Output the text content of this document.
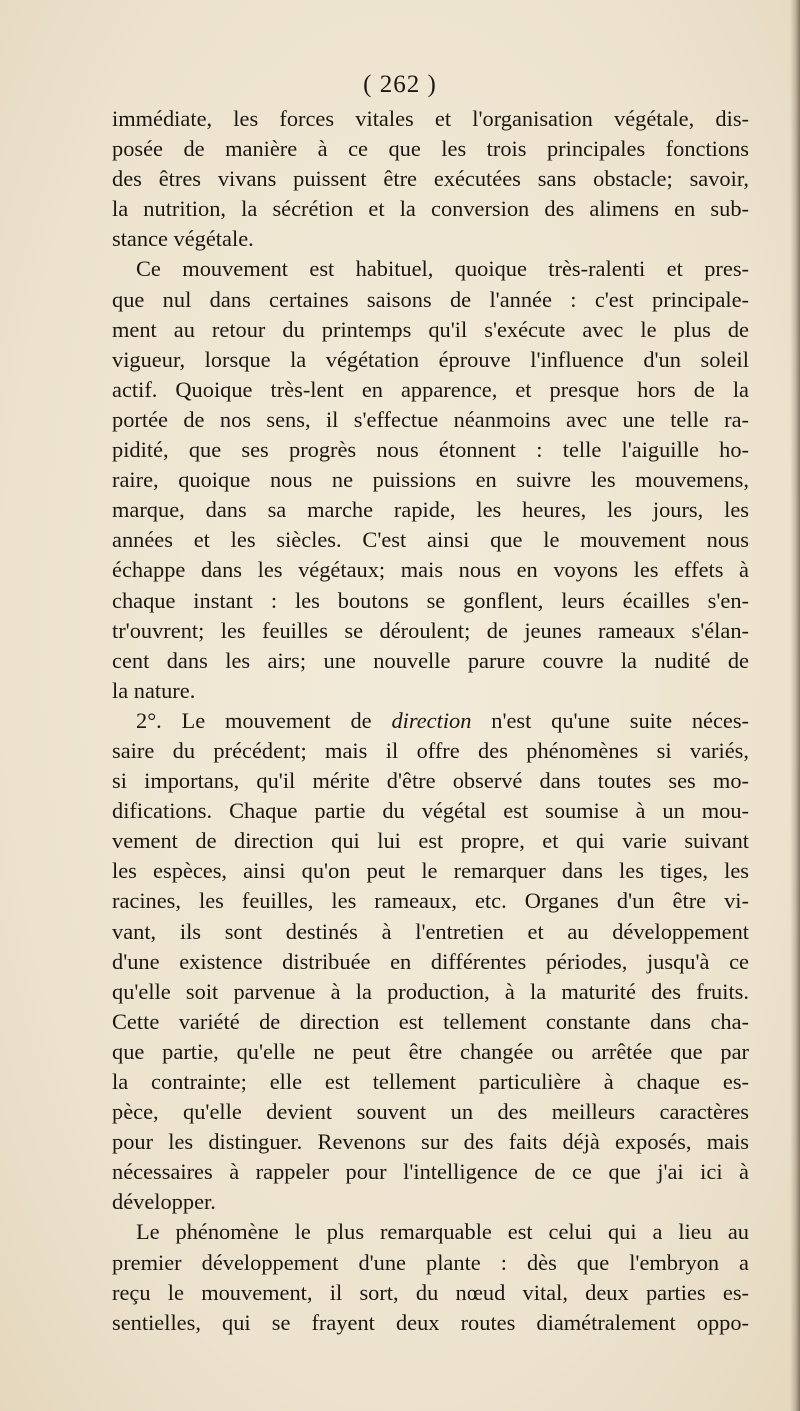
( 262 )
immédiate, les forces vitales et l'organisation végétale, dis-
posée de manière à ce que les trois principales fonctions
des êtres vivans puissent être exécutées sans obstacle; savoir,
la nutrition, la sécrétion et la conversion des alimens en sub-
stance végétale.
Ce mouvement est habituel, quoique très-ralenti et pres-
que nul dans certaines saisons de l'année : c'est principale-
ment au retour du printemps qu'il s'exécute avec le plus de
vigueur, lorsque la végétation éprouve l'influence d'un soleil
actif. Quoique très-lent en apparence, et presque hors de la
portée de nos sens, il s'effectue néanmoins avec une telle ra-
pidité, que ses progrès nous étonnent : telle l'aiguille ho-
raire, quoique nous ne puissions en suivre les mouvemens,
marque, dans sa marche rapide, les heures, les jours, les
années et les siècles. C'est ainsi que le mouvement nous
échappe dans les végétaux; mais nous en voyons les effets à
chaque instant : les boutons se gonflent, leurs écailles s'en-
tr'ouvrent; les feuilles se déroulent; de jeunes rameaux s'élan-
cent dans les airs; une nouvelle parure couvre la nudité de
la nature.
2°. Le mouvement de direction n'est qu'une suite néces-
saire du précédent; mais il offre des phénomènes si variés,
si importans, qu'il mérite d'être observé dans toutes ses mo-
difications. Chaque partie du végétal est soumise à un mou-
vement de direction qui lui est propre, et qui varie suivant
les espèces, ainsi qu'on peut le remarquer dans les tiges, les
racines, les feuilles, les rameaux, etc. Organes d'un être vi-
vant, ils sont destinés à l'entretien et au développement
d'une existence distribuée en différentes périodes, jusqu'à ce
qu'elle soit parvenue à la production, à la maturité des fruits.
Cette variété de direction est tellement constante dans cha-
que partie, qu'elle ne peut être changée ou arrêtée que par
la contrainte; elle est tellement particulière à chaque es-
pèce, qu'elle devient souvent un des meilleurs caractères
pour les distinguer. Revenons sur des faits déjà exposés, mais
nécessaires à rappeler pour l'intelligence de ce que j'ai ici à
développer.
Le phénomène le plus remarquable est celui qui a lieu au
premier développement d'une plante : dès que l'embryon a
reçu le mouvement, il sort, du nœud vital, deux parties es-
sentielles, qui se frayent deux routes diamétralement oppo-
